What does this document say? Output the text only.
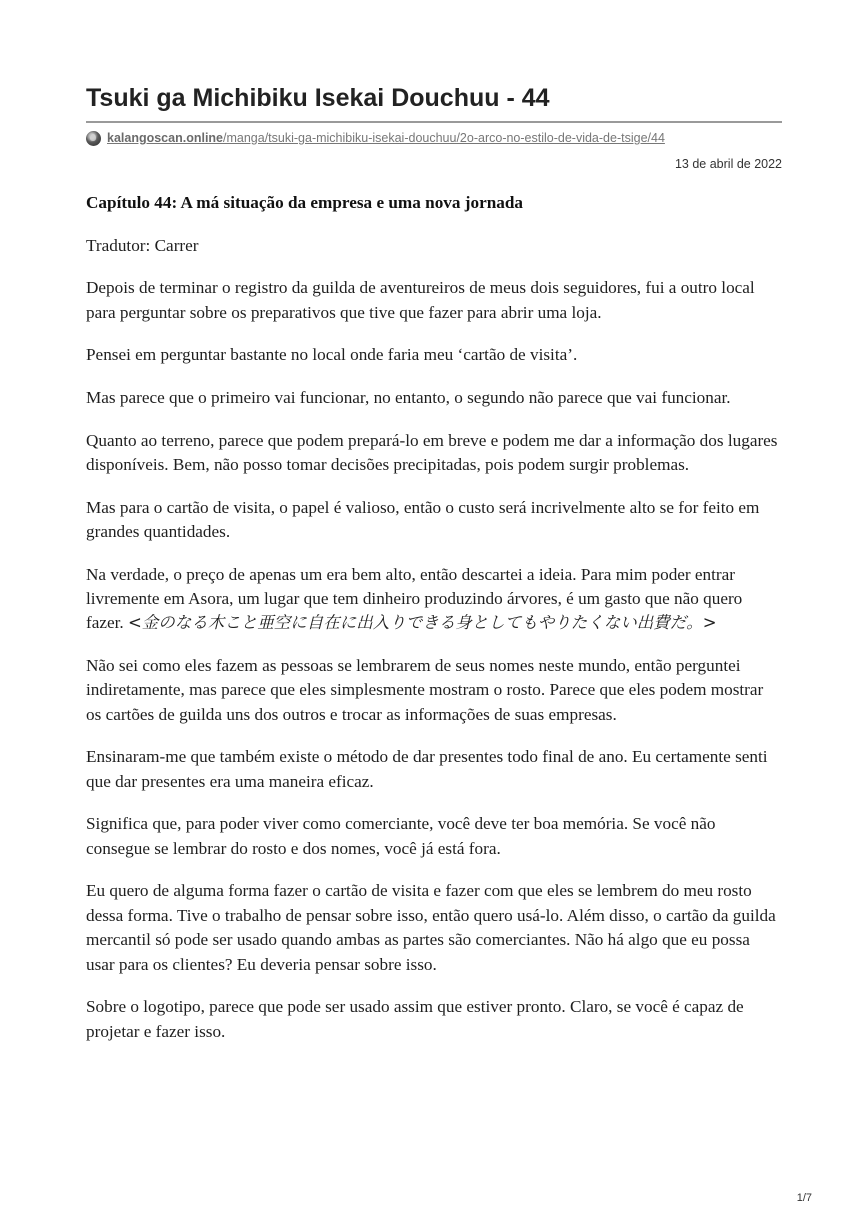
Tsuki ga Michibiku Isekai Douchuu - 44
kalangoscan.online/manga/tsuki-ga-michibiku-isekai-douchuu/2o-arco-no-estilo-de-vida-de-tsige/44
13 de abril de 2022
Capítulo 44: A má situação da empresa e uma nova jornada

Tradutor: Carrer

Depois de terminar o registro da guilda de aventureiros de meus dois seguidores, fui a outro local para perguntar sobre os preparativos que tive que fazer para abrir uma loja.

Pensei em perguntar bastante no local onde faria meu ‘cartão de visita’.

Mas parece que o primeiro vai funcionar, no entanto, o segundo não parece que vai funcionar.

Quanto ao terreno, parece que podem prepará-lo em breve e podem me dar a informação dos lugares disponíveis. Bem, não posso tomar decisões precipitadas, pois podem surgir problemas.

Mas para o cartão de visita, o papel é valioso, então o custo será incrivelmente alto se for feito em grandes quantidades.

Na verdade, o preço de apenas um era bem alto, então descartei a ideia. Para mim poder entrar livremente em Asora, um lugar que tem dinheiro produzindo árvores, é um gasto que não quero fazer. <金のなる木こと亜空に自在に出入りできる身としてもやりたくない出費だ。>

Não sei como eles fazem as pessoas se lembrarem de seus nomes neste mundo, então perguntei indiretamente, mas parece que eles simplesmente mostram o rosto. Parece que eles podem mostrar os cartões de guilda uns dos outros e trocar as informações de suas empresas.

Ensinaram-me que também existe o método de dar presentes todo final de ano. Eu certamente senti que dar presentes era uma maneira eficaz.

Significa que, para poder viver como comerciante, você deve ter boa memória. Se você não consegue se lembrar do rosto e dos nomes, você já está fora.

Eu quero de alguma forma fazer o cartão de visita e fazer com que eles se lembrem do meu rosto dessa forma. Tive o trabalho de pensar sobre isso, então quero usá-lo. Além disso, o cartão da guilda mercantil só pode ser usado quando ambas as partes são comerciantes. Não há algo que eu possa usar para os clientes? Eu deveria pensar sobre isso.

Sobre o logotipo, parece que pode ser usado assim que estiver pronto. Claro, se você é capaz de projetar e fazer isso.

1/7
